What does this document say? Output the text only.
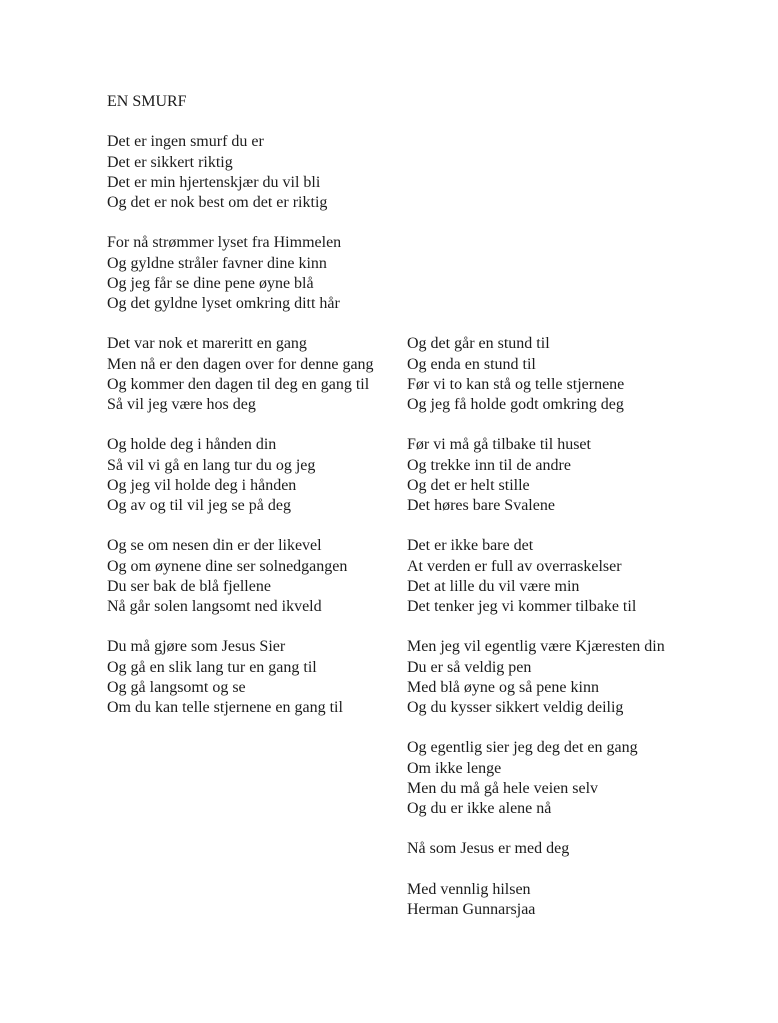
EN SMURF
Det er ingen smurf du er
Det er sikkert riktig
Det er min hjertenskjær du vil bli
Og det er nok best om det er riktig
For nå strømmer lyset fra Himmelen
Og gyldne stråler favner dine kinn
Og jeg får se dine pene øyne blå
Og det gyldne lyset omkring ditt hår
Det var nok et mareritt en gang
Men nå er den dagen over for denne gang
Og kommer den dagen til deg en gang til
Så vil jeg være hos deg
Og holde deg i hånden din
Så vil vi gå en lang tur du og jeg
Og jeg vil holde deg i hånden
Og av og til vil jeg se på deg
Og se om nesen din er der likevel
Og om øynene dine ser solnedgangen
Du ser bak de blå fjellene
Nå går solen langsomt ned ikveld
Du må gjøre som Jesus Sier
Og gå en slik lang tur en gang til
Og gå langsomt og se
Om du kan telle stjernene en gang til
Og det går en stund til
Og enda en stund til
Før vi to kan stå og telle stjernene
Og jeg få holde godt omkring deg
Før vi må gå tilbake til huset
Og trekke inn til de andre
Og det er helt stille
Det høres bare Svalene
Det er ikke bare det
At verden er full av overraskelser
Det at lille du vil være min
Det tenker jeg vi kommer tilbake til
Men jeg vil egentlig være Kjæresten din
Du er så veldig pen
Med blå øyne og så pene kinn
Og du kysser sikkert veldig deilig
Og egentlig sier jeg deg det en gang
Om ikke lenge
Men du må gå hele veien selv
Og du er ikke alene nå
Nå som Jesus er med deg
Med vennlig hilsen
Herman Gunnarsjaa
